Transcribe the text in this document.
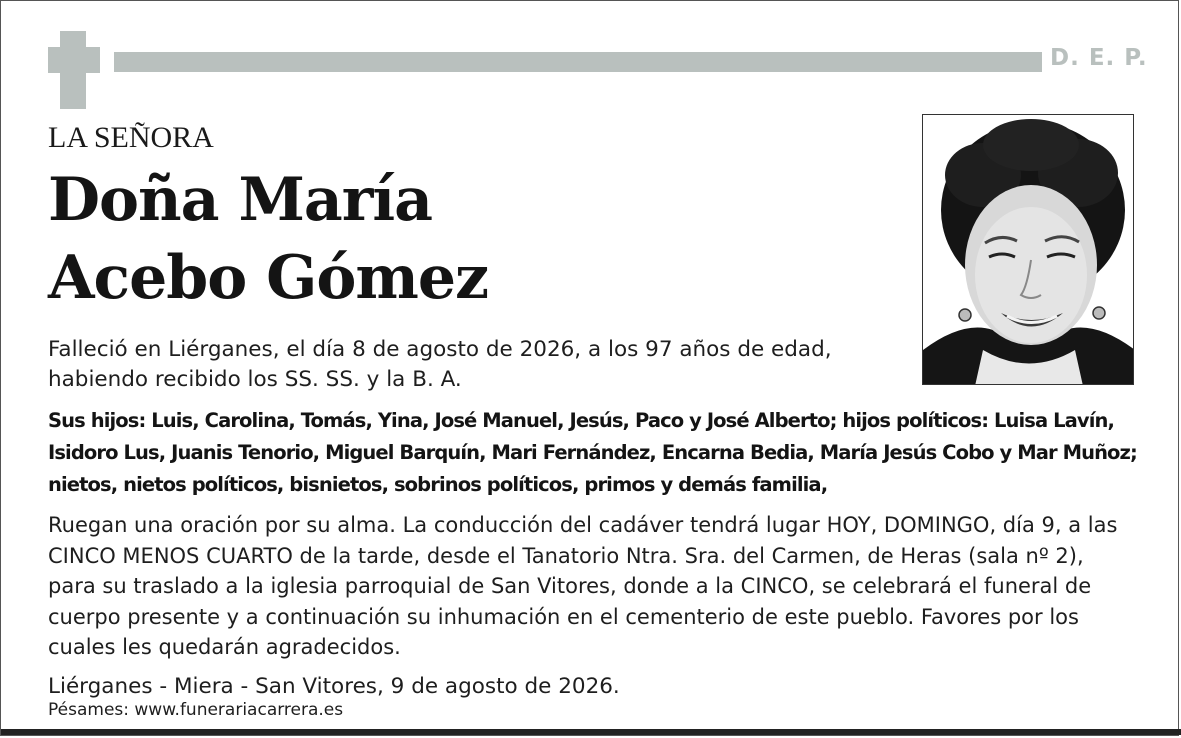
D. E. P.
LA SEÑORA
Doña María
Acebo Gómez
Falleció en Liérganes, el día 8 de agosto de 2026, a los 97 años de edad, habiendo recibido los SS. SS. y la B. A.
Sus hijos: Luis, Carolina, Tomás, Yina, José Manuel, Jesús, Paco y José Alberto; hijos políticos: Luisa Lavín, Isidoro Lus, Juanis Tenorio, Miguel Barquín, Mari Fernández, Encarna Bedia, María Jesús Cobo y Mar Muñoz; nietos, nietos políticos, bisnietos, sobrinos políticos, primos y demás familia,
Ruegan una oración por su alma. La conducción del cadáver tendrá lugar HOY, DOMINGO, día 9, a las CINCO MENOS CUARTO de la tarde, desde el Tanatorio Ntra. Sra. del Carmen, de Heras (sala nº 2), para su traslado a la iglesia parroquial de San Vitores, donde a la CINCO, se celebrará el funeral de cuerpo presente y a continuación su inhumación en el cementerio de este pueblo. Favores por los cuales les quedarán agradecidos.
Liérganes - Miera - San Vitores, 9 de agosto de 2026.
Pésames: www.funerariacarrera.es
